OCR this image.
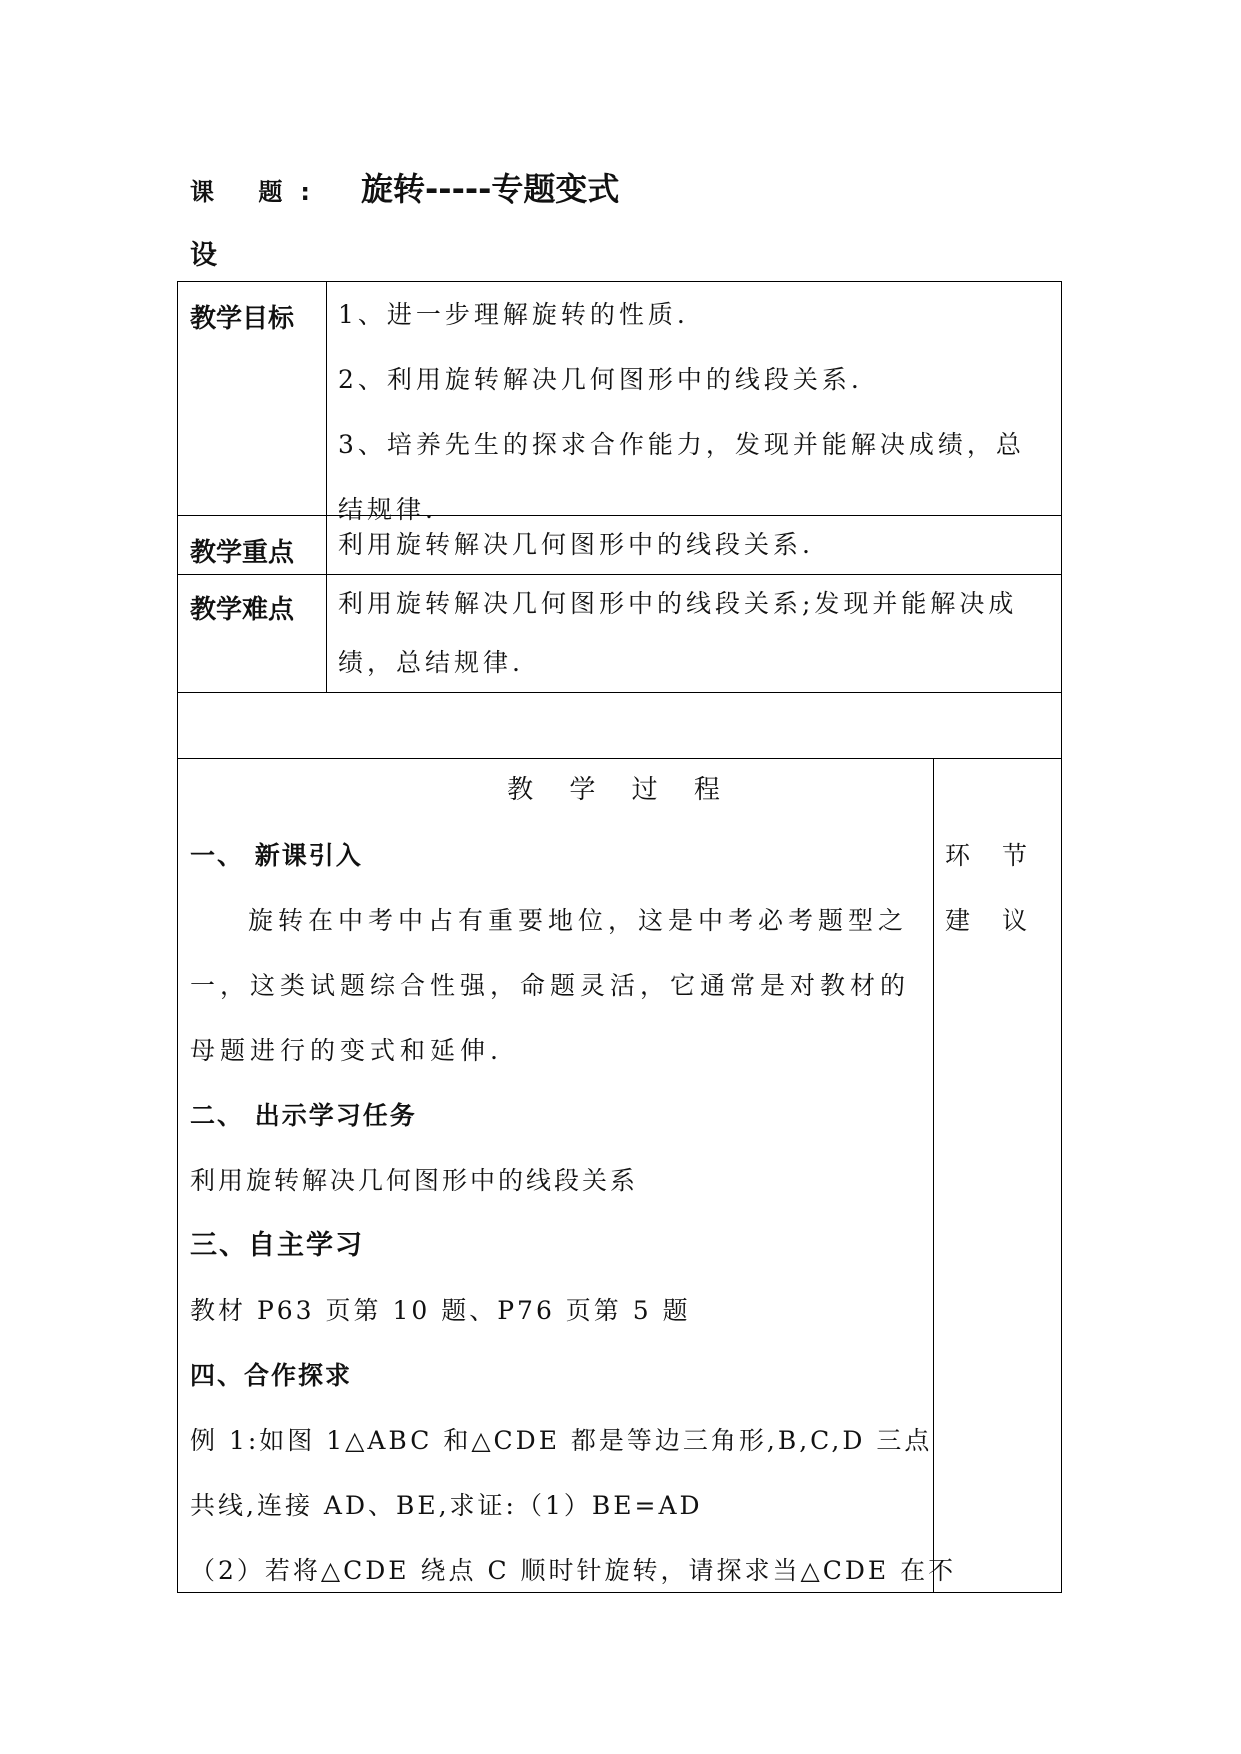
课 题: 旋转-----专题变式
设
教学目标 1、进一步理解旋转的性质.

2、利用旋转解决几何图形中的线段关系.

3、培养先生的探求合作能力，发现并能解决成绩，总结规律.

教学重点 利用旋转解决几何图形中的线段关系.
教学难点 利用旋转解决几何图形中的线段关系;发现并能解决成绩，总结规律.
教 学 过 程

一、 新课引入

旋转在中考中占有重要地位，这是中考必考题型之一，这类试题综合性强，命题灵活，它通常是对教材的母题进行的变式和延伸.

二、 出示学习任务

利用旋转解决几何图形中的线段关系

三、自主学习

教材 P63 页第 10 题、P76 页第 5 题

四、合作探求

例 1:如图 1△ABC 和△CDE 都是等边三角形,B,C,D 三点

共线,连接 AD、BE,求证:（1）BE=AD

（2）若将△CDE 绕点 C 顺时针旋转，请探求当△CDE 在不

环 节 建 议
